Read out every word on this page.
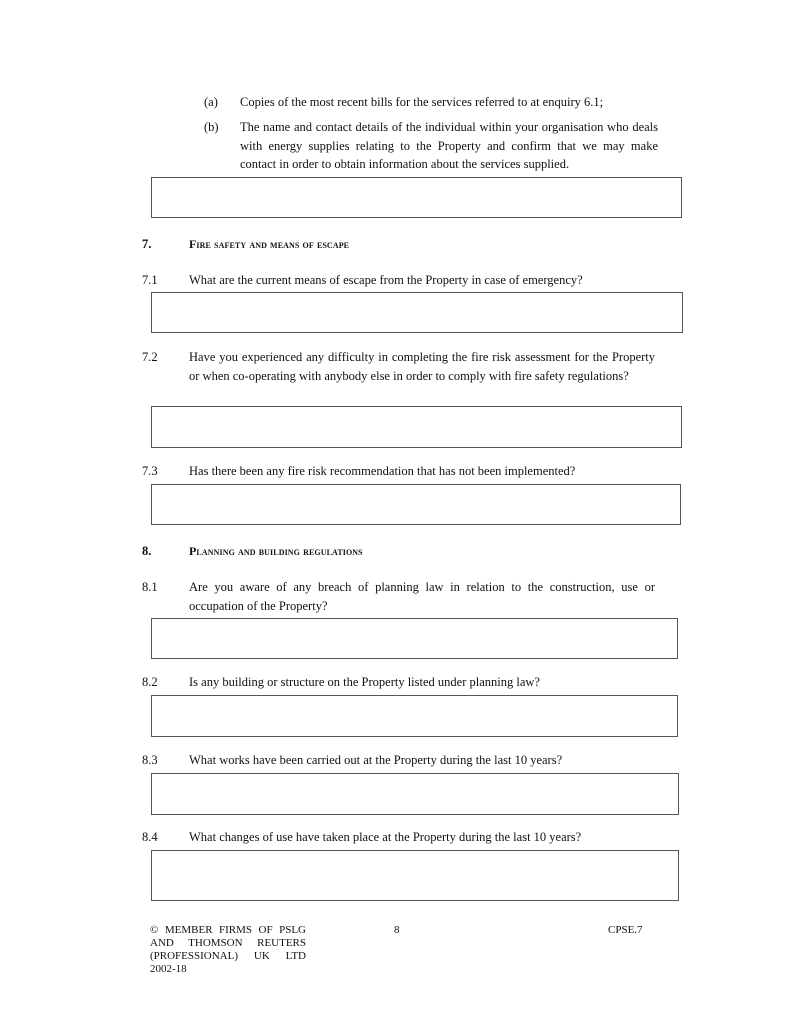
(a) Copies of the most recent bills for the services referred to at enquiry 6.1;
(b) The name and contact details of the individual within your organisation who deals with energy supplies relating to the Property and confirm that we may make contact in order to obtain information about the services supplied.
7.	Fire safety and means of escape
7.1	What are the current means of escape from the Property in case of emergency?
7.2	Have you experienced any difficulty in completing the fire risk assessment for the Property or when co-operating with anybody else in order to comply with fire safety regulations?
7.3	Has there been any fire risk recommendation that has not been implemented?
8.	Planning and building regulations
8.1	Are you aware of any breach of planning law in relation to the construction, use or occupation of the Property?
8.2	Is any building or structure on the Property listed under planning law?
8.3	What works have been carried out at the Property during the last 10 years?
8.4	What changes of use have taken place at the Property during the last 10 years?
© MEMBER FIRMS OF PSLG
AND THOMSON REUTERS
(PROFESSIONAL) UK LTD
2002-18
8	CPSE.7
